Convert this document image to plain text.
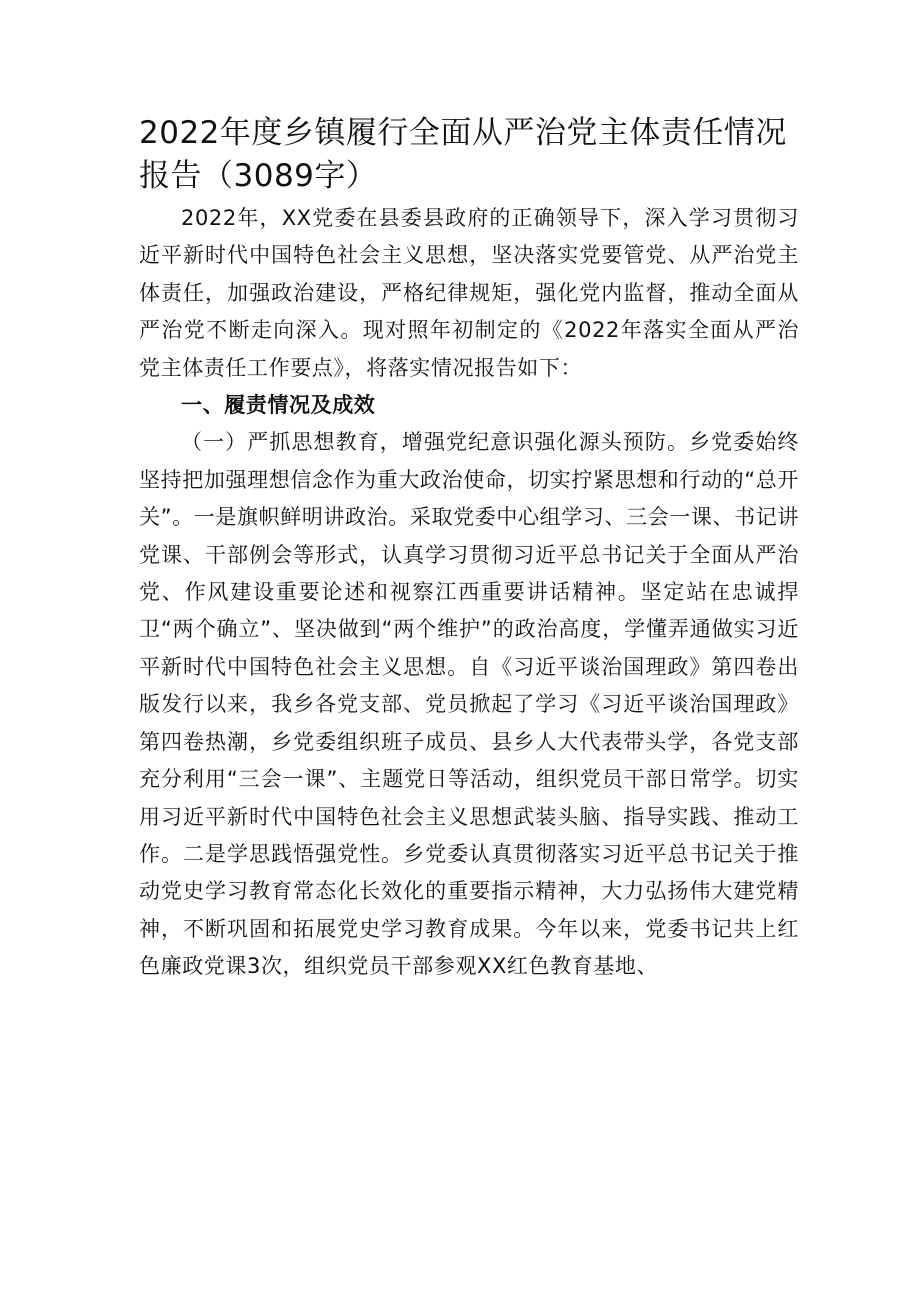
2022年度乡镇履行全面从严治党主体责任情况报告（3089字）

2022年，XX党委在县委县政府的正确领导下，深入学习贯彻习近平新时代中国特色社会主义思想，坚决落实党要管党、从严治党主体责任，加强政治建设，严格纪律规矩，强化党内监督，推动全面从严治党不断走向深入。现对照年初制定的《2022年落实全面从严治党主体责任工作要点》，将落实情况报告如下：

一、履责情况及成效

（一）严抓思想教育，增强党纪意识强化源头预防。乡党委始终坚持把加强理想信念作为重大政治使命，切实拧紧思想和行动的“总开关”。一是旗帜鲜明讲政治。采取党委中心组学习、三会一课、书记讲党课、干部例会等形式，认真学习贯彻习近平总书记关于全面从严治党、作风建设重要论述和视察江西重要讲话精神。坚定站在忠诚捍卫“两个确立”、坚决做到“两个维护”的政治高度，学懂弄通做实习近平新时代中国特色社会主义思想。自《习近平谈治国理政》第四卷出版发行以来，我乡各党支部、党员掀起了学习《习近平谈治国理政》第四卷热潮，乡党委组织班子成员、县乡人大代表带头学，各党支部充分利用“三会一课”、主题党日等活动，组织党员干部日常学。切实用习近平新时代中国特色社会主义思想武装头脑、指导实践、推动工作。二是学思践悟强党性。乡党委认真贯彻落实习近平总书记关于推动党史学习教育常态化长效化的重要指示精神，大力弘扬伟大建党精神，不断巩固和拓展党史学习教育成果。今年以来，党委书记共上红色廉政党课3次，组织党员干部参观XX红色教育基地、
